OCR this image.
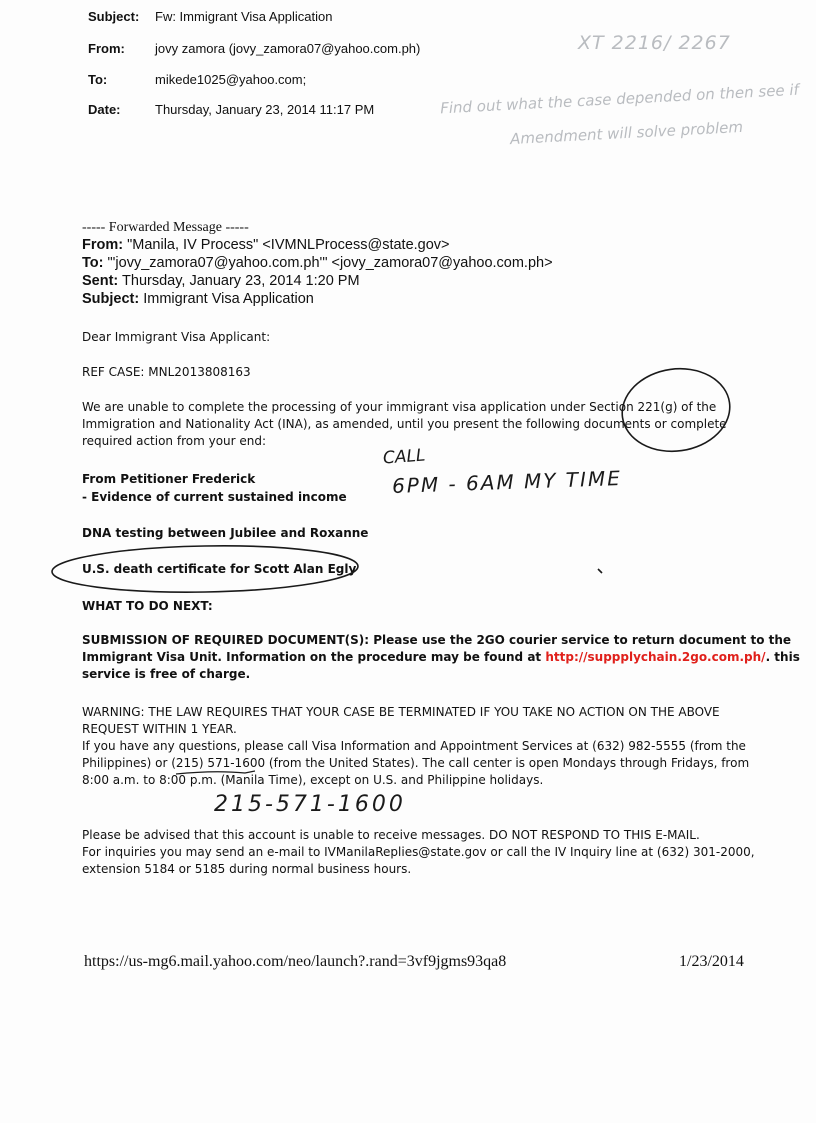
XT 2216/ 2267
Find out what the case depended on then see if
Amendment will solve problem
Subject: Fw: Immigrant Visa Application
From: jovy zamora (jovy_zamora07@yahoo.com.ph)
To:	mikede1025@yahoo.com;
Date:	Thursday, January 23, 2014 11:17 PM
----- Forwarded Message -----
From: "Manila, IV Process" <IVMNLProcess@state.gov>
To: "'jovy_zamora07@yahoo.com.ph'" <jovy_zamora07@yahoo.com.ph>
Sent: Thursday, January 23, 2014 1:20 PM
Subject: Immigrant Visa Application
Dear Immigrant Visa Applicant:
REF CASE: MNL2013808163

We are unable to complete the processing of your immigrant visa application under Section 221(g) of the

Immigration and Nationality Act (INA), as amended, until you present the following documents or complete

required action from your end:

From Petitioner Frederick
- Evidence of current sustained income
DNA testing between Jubilee and Roxanne
U.S. death certificate for Scott Alan Egly
WHAT TO DO NEXT:

SUBMISSION OF REQUIRED DOCUMENT(S): Please use the 2GO courier service to return document to the

Immigrant Visa Unit. Information on the procedure may be found at http://suppplychain.2go.com.ph/. this

service is free of charge.

WARNING: THE LAW REQUIRES THAT YOUR CASE BE TERMINATED IF YOU TAKE NO ACTION ON THE ABOVE

REQUEST WITHIN 1 YEAR.

If you have any questions, please call Visa Information and Appointment Services at (632) 982-5555 (from the

Philippines) or (215) 571-1600 (from the United States). The call center is open Mondays through Fridays, from

8:00 a.m. to 8:00 p.m. (Manila Time), except on U.S. and Philippine holidays.

Please be advised that this account is unable to receive messages. DO NOT RESPOND TO THIS E-MAIL.

For inquiries you may send an e-mail to IVManilaReplies@state.gov or call the IV Inquiry line at (632) 301-2000,

extension 5184 or 5185 during normal business hours.

CALL
6PM - 6AM MY TIME
215-571-1600
https://us-mg6.mail.yahoo.com/neo/launch?.rand=3vf9jgms93qa8	1/23/2014
